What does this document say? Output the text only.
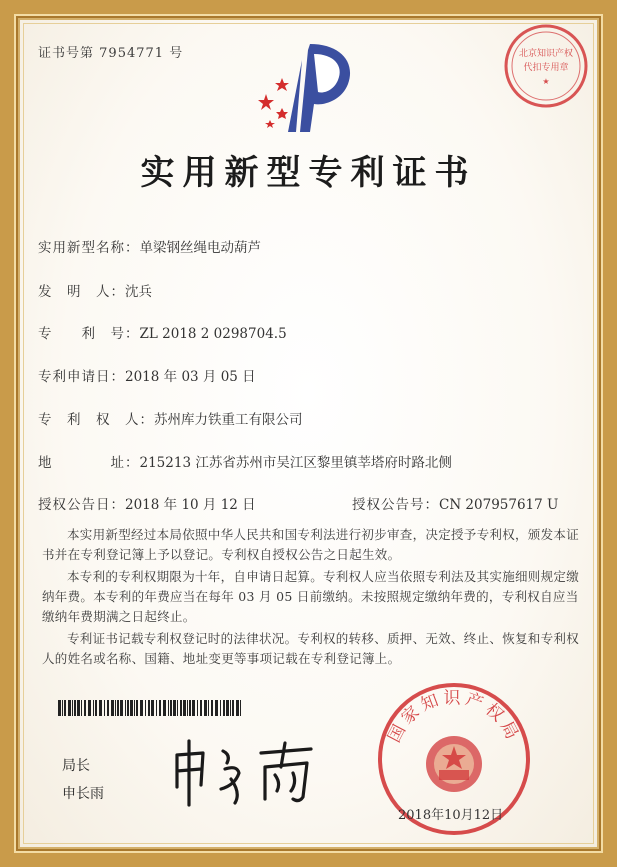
证书号第 7954771 号	北京知识产权
代扣专用章
★
实用新型专利证书
实用新型名称：单梁钢丝绳电动葫芦
发　明　人：沈兵
专　　利　号：ZL 2018 2 0298704.5
专利申请日：2018 年 03 月 05 日
专　利　权　人：苏州库力铁重工有限公司
地　　　　址：215213 江苏省苏州市吴江区黎里镇莘塔府时路北侧
授权公告日：2018 年 10 月 12 日	授权公告号：CN 207957617 U
本实用新型经过本局依照中华人民共和国专利法进行初步审查，决定授予专利权，颁发本证书并在专利登记簿上予以登记。专利权自授权公告之日起生效。
本专利的专利权期限为十年，自申请日起算。专利权人应当依照专利法及其实施细则规定缴纳年费。本专利的年费应当在每年 03 月 05 日前缴纳。未按照规定缴纳年费的，专利权自应当缴纳年费期满之日起终止。
专利证书记载专利权登记时的法律状况。专利权的转移、质押、无效、终止、恢复和专利权人的姓名或名称、国籍、地址变更等事项记载在专利登记簿上。
局长
申长雨
国家知识产权局
2018年10月12日
